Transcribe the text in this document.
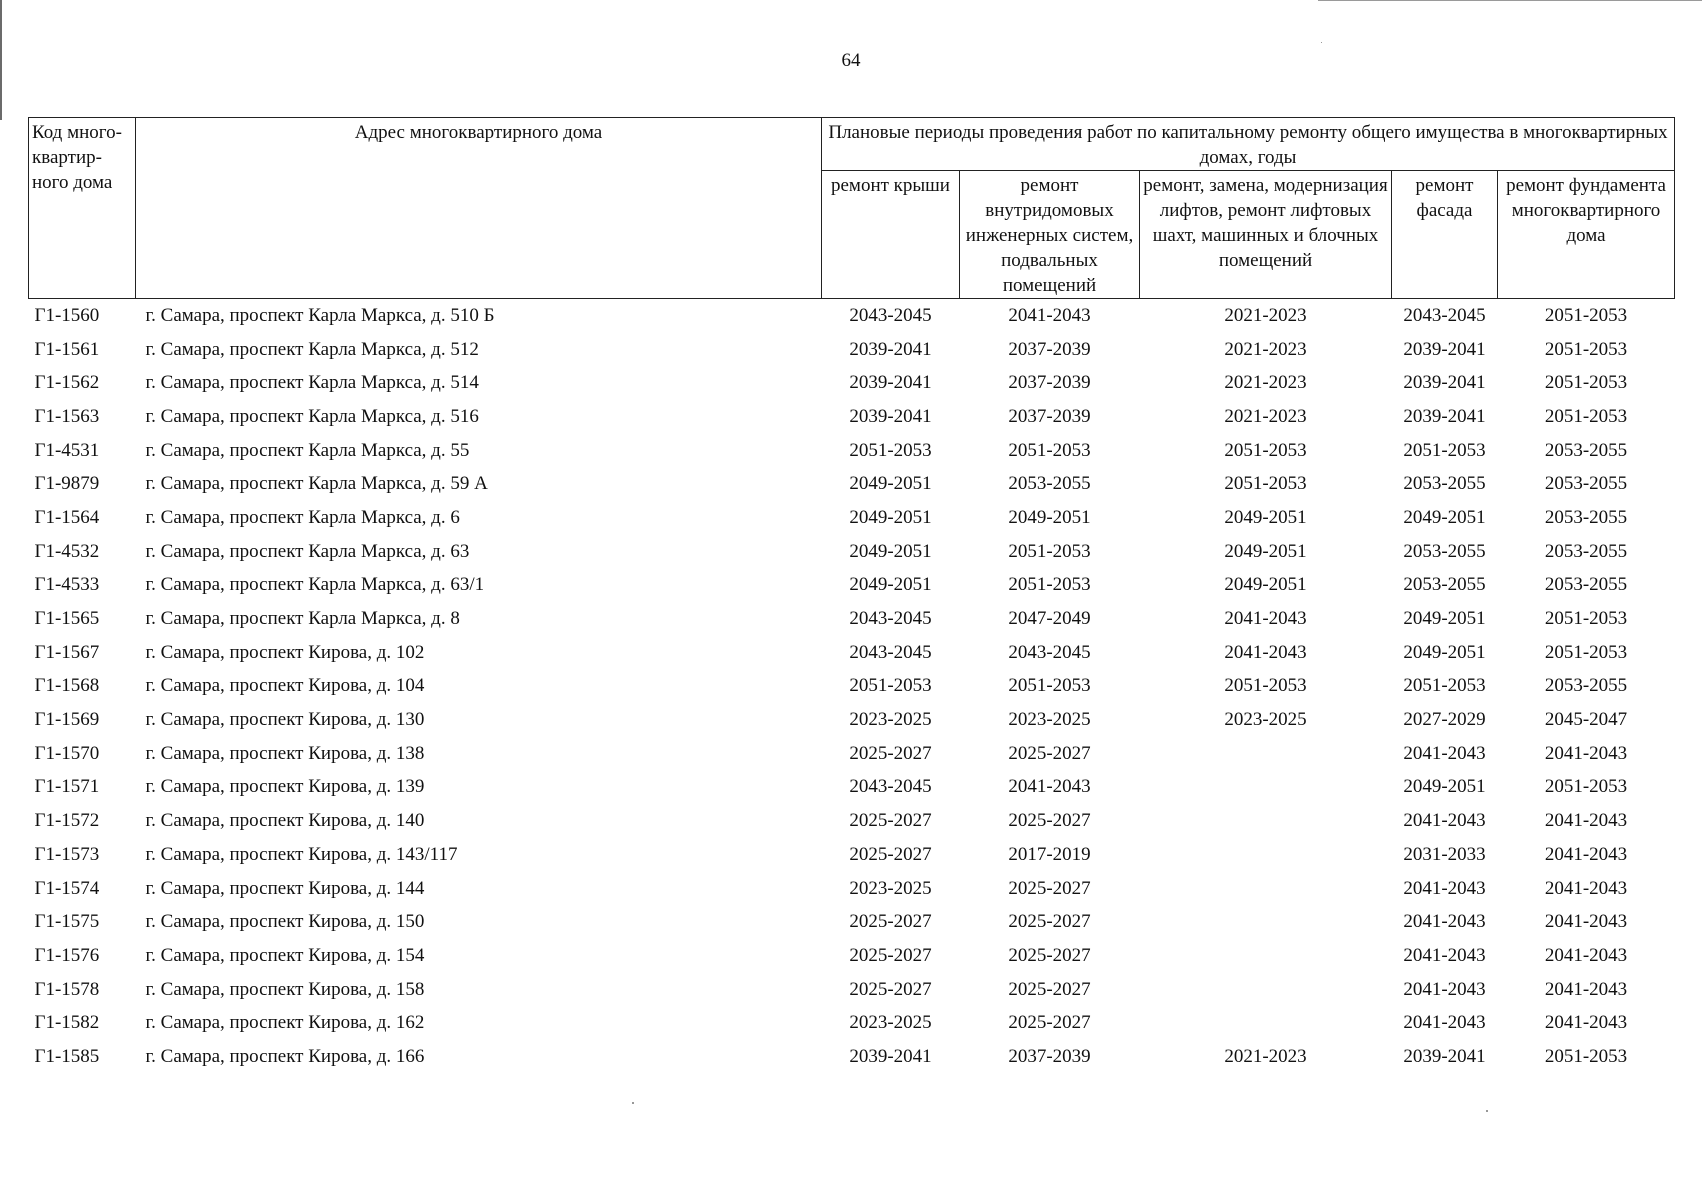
64
Код много-квартир-ного дома	Адрес многоквартирного дома	Плановые периоды проведения работ по капитальному ремонту общего имущества в многоквартирных домах, годы				
		ремонт крыши	ремонт внутридомовых инженерных систем, подвальных помещений	ремонт, замена, модернизация лифтов, ремонт лифтовых шахт, машинных и блочных помещений	ремонт фасада	ремонт фундамента многоквартирного дома
Г1-1560	г. Самара, проспект Карла Маркса, д. 510 Б	2043-2045	2041-2043	2021-2023	2043-2045	2051-2053
Г1-1561	г. Самара, проспект Карла Маркса, д. 512	2039-2041	2037-2039	2021-2023	2039-2041	2051-2053
Г1-1562	г. Самара, проспект Карла Маркса, д. 514	2039-2041	2037-2039	2021-2023	2039-2041	2051-2053
Г1-1563	г. Самара, проспект Карла Маркса, д. 516	2039-2041	2037-2039	2021-2023	2039-2041	2051-2053
Г1-4531	г. Самара, проспект Карла Маркса, д. 55	2051-2053	2051-2053	2051-2053	2051-2053	2053-2055
Г1-9879	г. Самара, проспект Карла Маркса, д. 59 А	2049-2051	2053-2055	2051-2053	2053-2055	2053-2055
Г1-1564	г. Самара, проспект Карла Маркса, д. 6	2049-2051	2049-2051	2049-2051	2049-2051	2053-2055
Г1-4532	г. Самара, проспект Карла Маркса, д. 63	2049-2051	2051-2053	2049-2051	2053-2055	2053-2055
Г1-4533	г. Самара, проспект Карла Маркса, д. 63/1	2049-2051	2051-2053	2049-2051	2053-2055	2053-2055
Г1-1565	г. Самара, проспект Карла Маркса, д. 8	2043-2045	2047-2049	2041-2043	2049-2051	2051-2053
Г1-1567	г. Самара, проспект Кирова, д. 102	2043-2045	2043-2045	2041-2043	2049-2051	2051-2053
Г1-1568	г. Самара, проспект Кирова, д. 104	2051-2053	2051-2053	2051-2053	2051-2053	2053-2055
Г1-1569	г. Самара, проспект Кирова, д. 130	2023-2025	2023-2025	2023-2025	2027-2029	2045-2047
Г1-1570	г. Самара, проспект Кирова, д. 138	2025-2027	2025-2027		2041-2043	2041-2043
Г1-1571	г. Самара, проспект Кирова, д. 139	2043-2045	2041-2043		2049-2051	2051-2053
Г1-1572	г. Самара, проспект Кирова, д. 140	2025-2027	2025-2027		2041-2043	2041-2043
Г1-1573	г. Самара, проспект Кирова, д. 143/117	2025-2027	2017-2019		2031-2033	2041-2043
Г1-1574	г. Самара, проспект Кирова, д. 144	2023-2025	2025-2027		2041-2043	2041-2043
Г1-1575	г. Самара, проспект Кирова, д. 150	2025-2027	2025-2027		2041-2043	2041-2043
Г1-1576	г. Самара, проспект Кирова, д. 154	2025-2027	2025-2027		2041-2043	2041-2043
Г1-1578	г. Самара, проспект Кирова, д. 158	2025-2027	2025-2027		2041-2043	2041-2043
Г1-1582	г. Самара, проспект Кирова, д. 162	2023-2025	2025-2027		2041-2043	2041-2043
Г1-1585	г. Самара, проспект Кирова, д. 166	2039-2041	2037-2039	2021-2023	2039-2041	2051-2053
